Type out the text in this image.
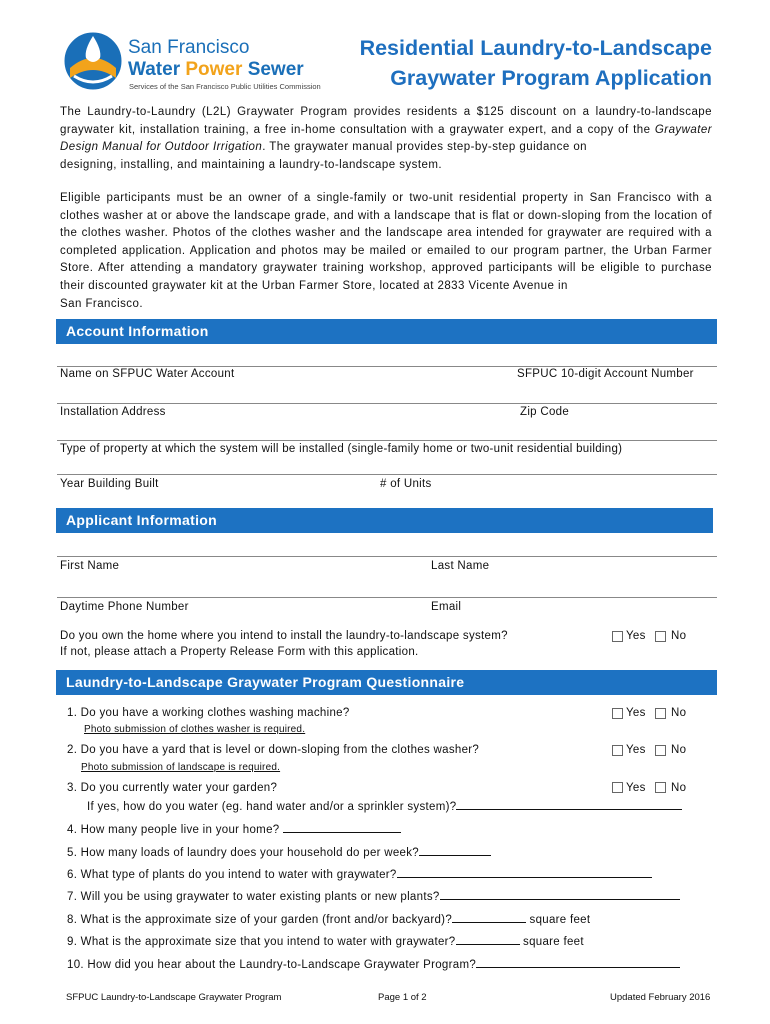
San Francisco
Water Power Sewer
Services of the San Francisco Public Utilities Commission
Residential Laundry-to-Landscape
Graywater Program Application
The Laundry-to-Laundry (L2L) Graywater Program provides residents a $125 discount on a laundry-to-landscape graywater kit, installation training, a free in-home consultation with a graywater expert, and a copy of the Graywater Design Manual for Outdoor Irrigation. The graywater manual provides step-by-step guidance on
designing, installing, and maintaining a laundry-to-landscape system.
Eligible participants must be an owner of a single-family or two-unit residential property in San Francisco with a clothes washer at or above the landscape grade, and with a landscape that is flat or down-sloping from the location of the clothes washer. Photos of the clothes washer and the landscape area intended for graywater are required with a completed application. Application and photos may be mailed or emailed to our program partner, the Urban Farmer Store. After attending a mandatory graywater training workshop, approved participants will be eligible to purchase their discounted graywater kit at the Urban Farmer Store, located at 2833 Vicente Avenue in
San Francisco.
Account Information
Name on SFPUC Water Account	SFPUC 10-digit Account Number
Installation Address	Zip Code
Type of property at which the system will be installed (single-family home or two-unit residential building)
Year Building Built	# of Units
Applicant Information
First Name	Last Name
Daytime Phone Number	Email
Do you own the home where you intend to install the laundry-to-landscape system?
If not, please attach a Property Release Form with this application.
Yes No
Laundry-to-Landscape Graywater Program Questionnaire
1. Do you have a working clothes washing machine?
Photo submission of clothes washer is required.
Yes No
2. Do you have a yard that is level or down-sloping from the clothes washer?
Photo submission of landscape is required.
Yes No
3. Do you currently water your garden?	Yes No
If yes, how do you water (eg. hand water and/or a sprinkler system)?
4. How many people live in your home?
5. How many loads of laundry does your household do per week?
6. What type of plants do you intend to water with graywater?
7. Will you be using graywater to water existing plants or new plants?
8. What is the approximate size of your garden (front and/or backyard)?	square feet
9. What is the approximate size that you intend to water with graywater?	square feet
10. How did you hear about the Laundry-to-Landscape Graywater Program?
SFPUC Laundry-to-Landscape Graywater Program	Page 1 of 2	Updated February 2016
